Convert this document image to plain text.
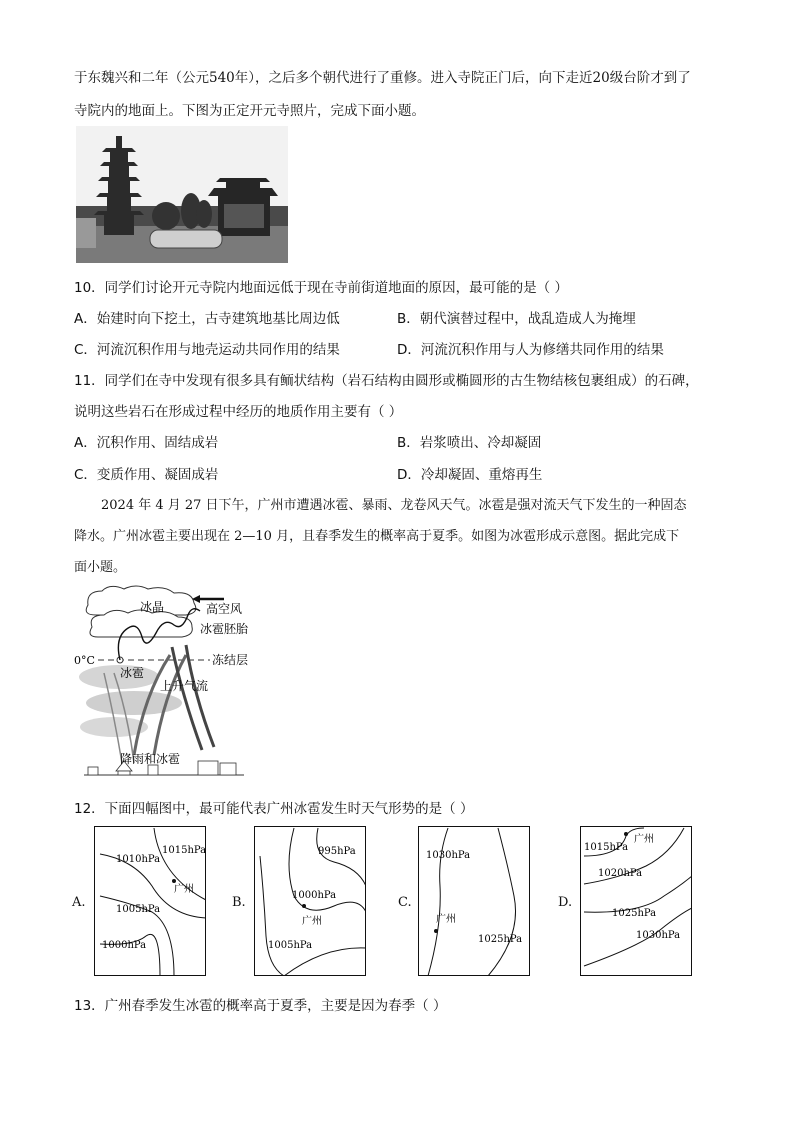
于东魏兴和二年（公元540年），之后多个朝代进行了重修。进入寺院正门后，向下走近20级台阶才到了
寺院内的地面上。下图为正定开元寺照片，完成下面小题。
10．同学们讨论开元寺院内地面远低于现在寺前街道地面的原因，最可能的是（ ）
A．始建时向下挖土，古寺建筑地基比周边低	B．朝代演替过程中，战乱造成人为掩埋
C．河流沉积作用与地壳运动共同作用的结果	D．河流沉积作用与人为修缮共同作用的结果
11．同学们在寺中发现有很多具有鲕状结构（岩石结构由圆形或椭圆形的古生物结核包裹组成）的石碑，
说明这些岩石在形成过程中经历的地质作用主要有（ ）
A．沉积作用、固结成岩	B．岩浆喷出、冷却凝固
C．变质作用、凝固成岩	D．冷却凝固、重熔再生
2024 年 4 月 27 日下午，广州市遭遇冰雹、暴雨、龙卷风天气。冰雹是强对流天气下发生的一种固态
降水。广州冰雹主要出现在 2—10 月，且春季发生的概率高于夏季。如图为冰雹形成示意图。据此完成下
面小题。
冰晶	高空风
冰雹胚胎
0°C
冰雹
冻结层
上升气流
降雨和冰雹
12．下面四幅图中，最可能代表广州冰雹发生时天气形势的是（ ）
A.
1015hPa
1010hPa
1005hPa
1000hPa
广州
B.
995hPa
1000hPa
1005hPa
广州
C.
1030hPa
1025hPa
广州
D.
1015hPa
1020hPa
1025hPa
1030hPa
广州
13．广州春季发生冰雹的概率高于夏季，主要是因为春季（ ）
